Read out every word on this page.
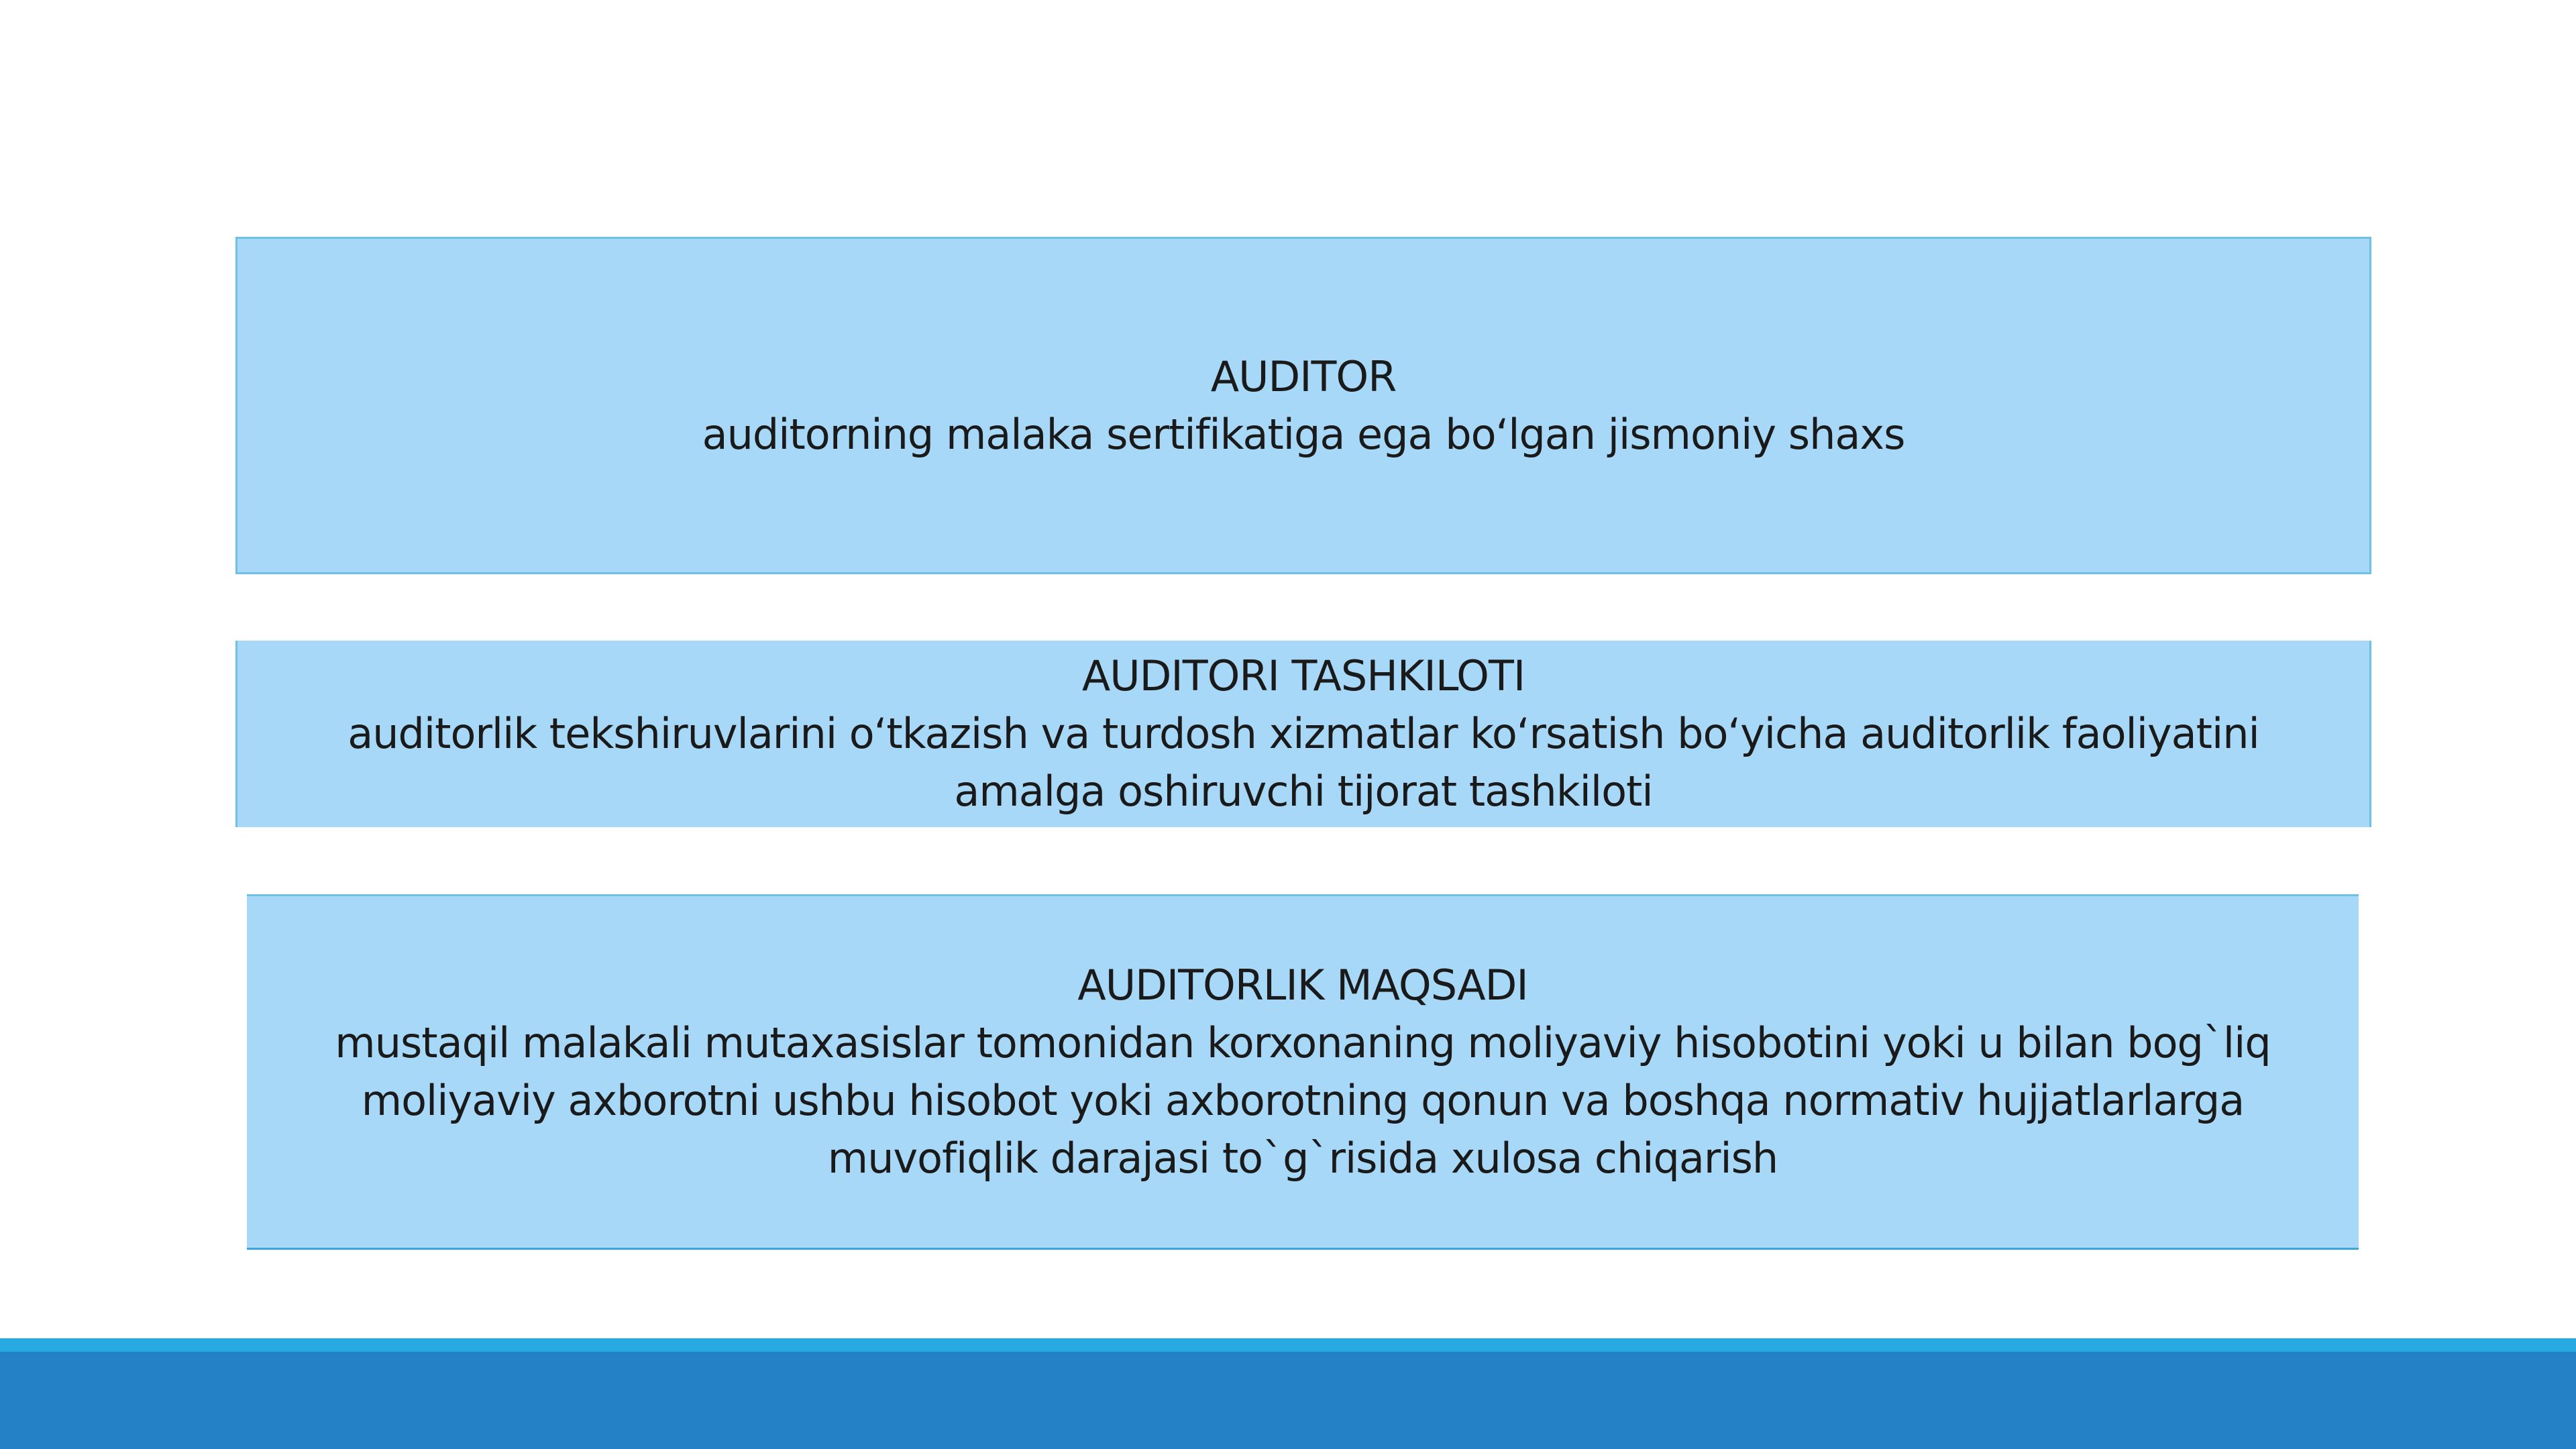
AUDITOR
auditorning malaka sertifikatiga ega bo‘lgan jismoniy shaxs
AUDITORI TASHKILOTI
auditorlik tekshiruvlarini o‘tkazish va turdosh xizmatlar ko‘rsatish bo‘yicha auditorlik faoliyatini amalga oshiruvchi tijorat tashkiloti
AUDITORLIK MAQSADI
mustaqil malakali mutaxasislar tomonidan korxonaning moliyaviy hisobotini yoki u bilan bog`liq moliyaviy axborotni ushbu hisobot yoki axborotning qonun va boshqa normativ hujjatlarlarga muvofiqlik darajasi to`g`risida xulosa chiqarish
